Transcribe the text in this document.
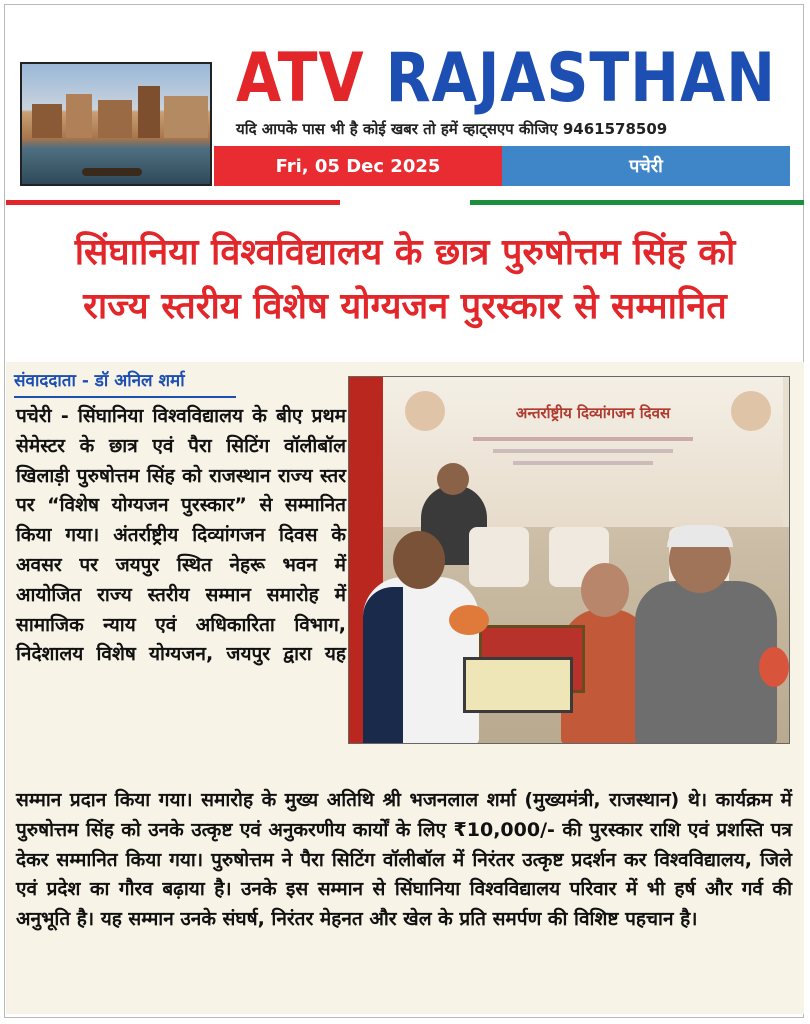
ATV RAJASTHAN
यदि आपके पास भी है कोई खबर तो हमें व्हाट्सएप कीजिए 9461578509
Fri, 05 Dec 2025	पचेरी
सिंघानिया विश्वविद्यालय के छात्र पुरुषोत्तम सिंह को
राज्य स्तरीय विशेष योग्यजन पुरस्कार से सम्मानित
संवाददाता - डॉ अनिल शर्मा

पचेरी - सिंघानिया विश्वविद्यालय के बीए प्रथम सेमेस्टर के छात्र एवं पैरा सिटिंग वॉलीबॉल खिलाड़ी पुरुषोत्तम सिंह को राजस्थान राज्य स्तर पर “विशेष योग्यजन पुरस्कार” से सम्मानित किया गया। अंतर्राष्ट्रीय दिव्यांगजन दिवस के अवसर पर जयपुर स्थित नेहरू भवन में आयोजित राज्य स्तरीय सम्मान समारोह में सामाजिक न्याय एवं अधिकारिता विभाग, निदेशालय विशेष योग्यजन, जयपुर द्वारा यह

अन्तर्राष्ट्रीय दिव्यांगजन दिवस
सम्मान प्रदान किया गया। समारोह के मुख्य अतिथि श्री भजनलाल शर्मा (मुख्यमंत्री, राजस्थान) थे। कार्यक्रम में पुरुषोत्तम सिंह को उनके उत्कृष्ट एवं अनुकरणीय कार्यों के लिए ₹10,000/- की पुरस्कार राशि एवं प्रशस्ति पत्र देकर सम्मानित किया गया। पुरुषोत्तम ने पैरा सिटिंग वॉलीबॉल में निरंतर उत्कृष्ट प्रदर्शन कर विश्वविद्यालय, जिले एवं प्रदेश का गौरव बढ़ाया है। उनके इस सम्मान से सिंघानिया विश्वविद्यालय परिवार में भी हर्ष और गर्व की अनुभूति है। यह सम्मान उनके संघर्ष, निरंतर मेहनत और खेल के प्रति समर्पण की विशिष्ट पहचान है।
